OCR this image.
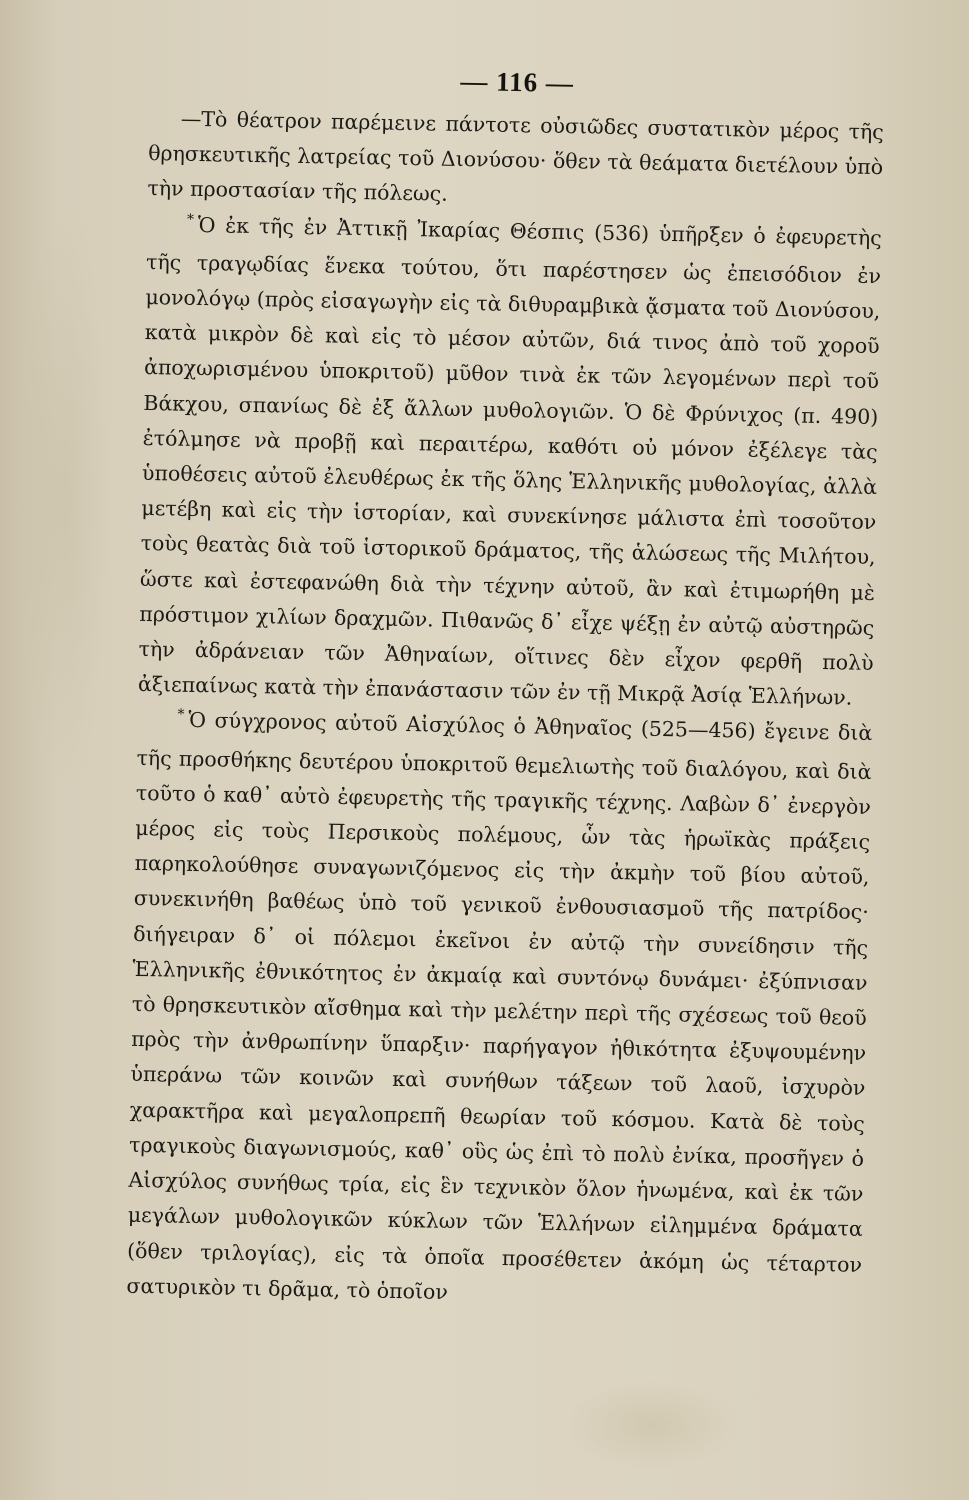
— 116 —

—Τὸ θέατρον παρέμεινε πάντοτε οὐσιῶδες συστατικὸν μέρος τῆς θρησκευτικῆς λατρείας τοῦ Διονύσου· ὅθεν τὰ θεάματα διετέλουν ὑπὸ τὴν προστασίαν τῆς πόλεως.

* Ὁ ἐκ τῆς ἐν Ἀττικῇ Ἰκαρίας Θέσπις (536) ὑπῆρξεν ὁ ἐφευρετὴς τῆς τραγῳδίας ἕνεκα τούτου, ὅτι παρέστησεν ὡς ἐπεισόδιον ἐν μονολόγῳ (πρὸς εἰσαγωγὴν εἰς τὰ διθυραμβικὰ ᾄσματα τοῦ Διονύσου, κατὰ μικρὸν δὲ καὶ εἰς τὸ μέσον αὐτῶν, διά τινος ἀπὸ τοῦ χοροῦ ἀποχωρισμένου ὑποκριτοῦ) μῦθον τινὰ ἐκ τῶν λεγομένων περὶ τοῦ Βάκχου, σπανίως δὲ ἐξ ἄλλων μυθολογιῶν. Ὁ δὲ Φρύνιχος (π. 490) ἐτόλμησε νὰ προβῇ καὶ περαιτέρω, καθότι οὐ μόνον ἐξέλεγε τὰς ὑποθέσεις αὐτοῦ ἐλευθέρως ἐκ τῆς ὅλης Ἑλληνικῆς μυθολογίας, ἀλλὰ μετέβη καὶ εἰς τὴν ἱστορίαν, καὶ συνεκίνησε μάλιστα ἐπὶ τοσοῦτον τοὺς θεατὰς διὰ τοῦ ἱστορικοῦ δράματος, τῆς ἁλώσεως τῆς Μιλήτου, ὥστε καὶ ἐστεφανώθη διὰ τὴν τέχνην αὐτοῦ, ἂν καὶ ἐτιμωρήθη μὲ πρόστιμον χιλίων δραχμῶν. Πιθανῶς δ᾽ εἶχε ψέξῃ ἐν αὐτῷ αὐστηρῶς τὴν ἀδράνειαν τῶν Ἀθηναίων, οἵτινες δὲν εἶχον φερθῆ πολὺ ἀξιεπαίνως κατὰ τὴν ἐπανάστασιν τῶν ἐν τῇ Μικρᾷ Ἀσίᾳ Ἑλλήνων.

* Ὁ σύγχρονος αὐτοῦ Αἰσχύλος ὁ Ἀθηναῖος (525—456) ἔγεινε διὰ τῆς προσθήκης δευτέρου ὑποκριτοῦ θεμελιωτὴς τοῦ διαλόγου, καὶ διὰ τοῦτο ὁ καθ᾽ αὐτὸ ἐφευρετὴς τῆς τραγικῆς τέχνης. Λαβὼν δ᾽ ἐνεργὸν μέρος εἰς τοὺς Περσικοὺς πολέμους, ὧν τὰς ἡρωϊκὰς πράξεις παρηκολούθησε συναγωνιζόμενος εἰς τὴν ἀκμὴν τοῦ βίου αὐτοῦ, συνεκινήθη βαθέως ὑπὸ τοῦ γενικοῦ ἐνθουσιασμοῦ τῆς πατρίδος· διήγειραν δ᾽ οἱ πόλεμοι ἐκεῖνοι ἐν αὐτῷ τὴν συνείδησιν τῆς Ἑλληνικῆς ἐθνικότητος ἐν ἀκμαίᾳ καὶ συντόνῳ δυνάμει· ἐξύπνισαν τὸ θρησκευτικὸν αἴσθημα καὶ τὴν μελέτην περὶ τῆς σχέσεως τοῦ θεοῦ πρὸς τὴν ἀνθρωπίνην ὕπαρξιν· παρήγαγον ἠθικότητα ἐξυψουμένην ὑπεράνω τῶν κοινῶν καὶ συνήθων τάξεων τοῦ λαοῦ, ἰσχυρὸν χαρακτῆρα καὶ μεγαλοπρεπῆ θεωρίαν τοῦ κόσμου. Κατὰ δὲ τοὺς τραγικοὺς διαγωνισμούς, καθ᾽ οὓς ὡς ἐπὶ τὸ πολὺ ἐνίκα, προσῆγεν ὁ Αἰσχύλος συνήθως τρία, εἰς ἓν τεχνικὸν ὅλον ἡνωμένα, καὶ ἐκ τῶν μεγάλων μυθολογικῶν κύκλων τῶν Ἑλλήνων εἰλημμένα δράματα (ὅθεν τριλογίας), εἰς τὰ ὁποῖα προσέθετεν ἀκόμη ὡς τέταρτον σατυρικὸν τι δρᾶμα, τὸ ὁποῖον
